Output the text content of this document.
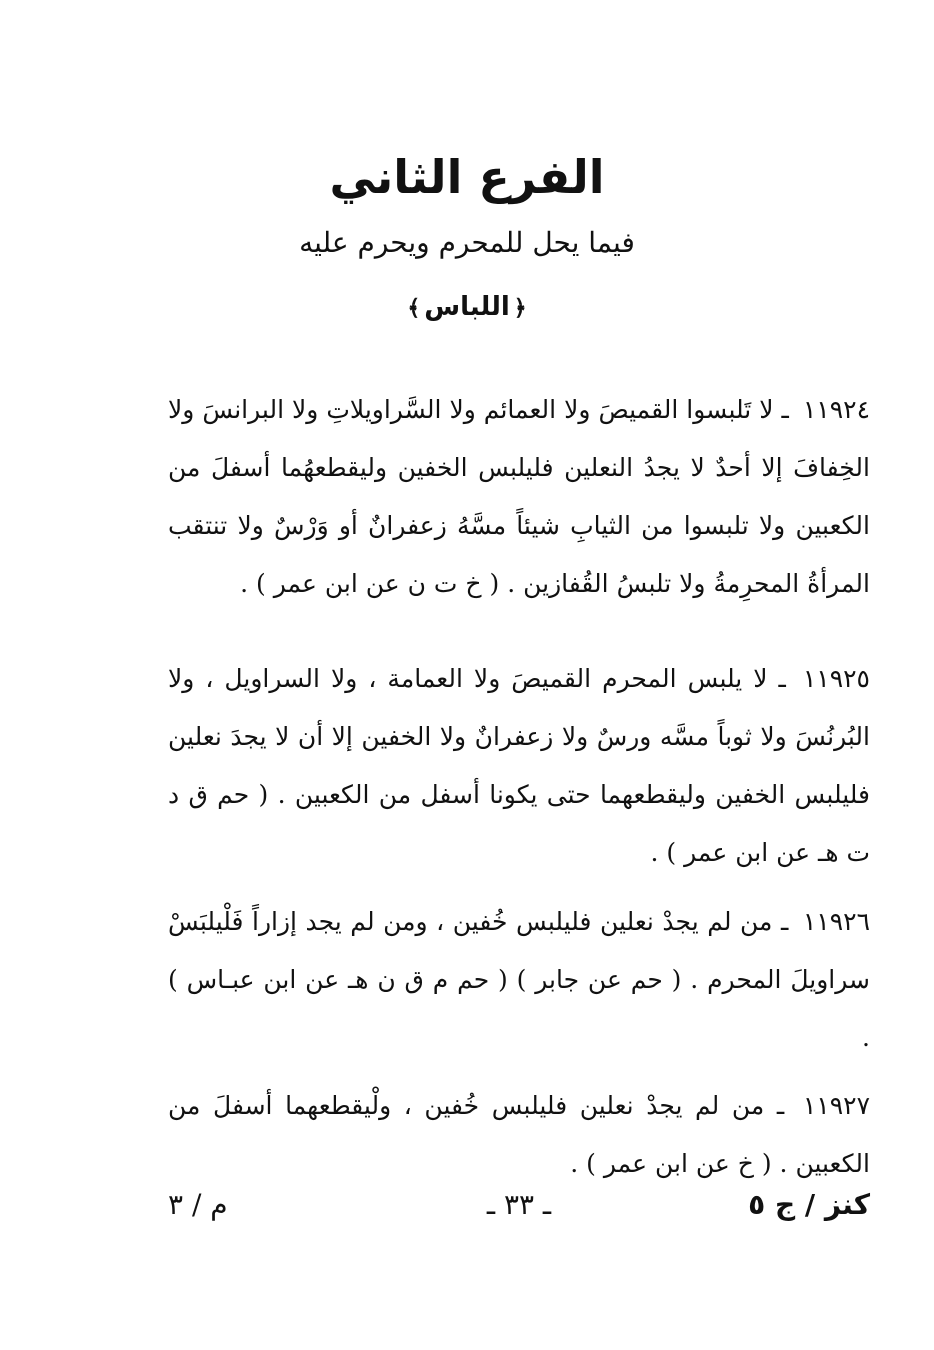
الفرع الثاني
فيما يحل للمحرم ويحرم عليه
﴿اللباس﴾

١١٩٢٤ ـ لا تَلبسوا القميصَ ولا العمائم ولا السَّراويلاتِ ولا البرانسَ ولا الخِفافَ إلا أحدٌ لا يجدُ النعلين فليلبس الخفين وليقطعهُما أسفلَ من الكعبين ولا تلبسوا من الثيابِ شيئاً مسَّهُ زعفرانٌ أو وَرْسٌ ولا تنتقب المرأةُ المحرِمةُ ولا تلبسُ القُفازين . ( خ ت ن عن ابن عمر ) .

١١٩٢٥ ـ لا يلبس المحرم القميصَ ولا العمامة ، ولا السراويل ، ولا البُرنُسَ ولا ثوباً مسَّه ورسٌ ولا زعفرانٌ ولا الخفين إلا أن لا يجدَ نعلين فليلبس الخفين وليقطعهما حتى يكونا أسفل من الكعبين . ( حم ق د ت هـ عن ابن عمر ) .

١١٩٢٦ ـ من لم يجدْ نعلين فليلبس خُفين ، ومن لم يجد إزاراً فَلْيلبَسْ سراويلَ المحرم . ( حم عن جابر ) ( حم م ق ن هـ عن ابن عبـاس ) .

١١٩٢٧ ـ من لم يجدْ نعلين فليلبس خُفين ، ولْيقطعهما أسفلَ من الكعبين . ( خ عن ابن عمر ) .

كنز / ج ٥
ـ ٣٣ ـ
م / ٣
